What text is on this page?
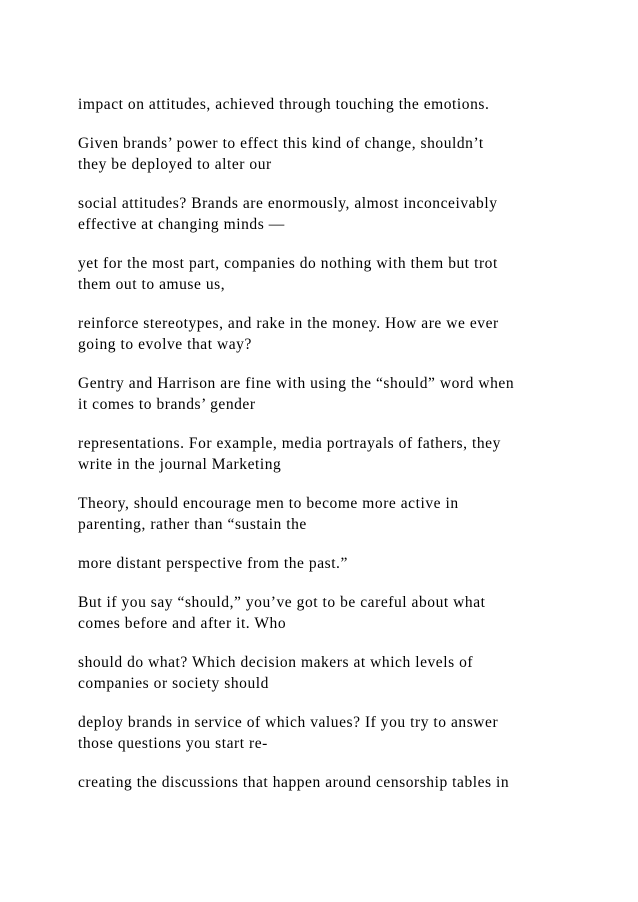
impact on attitudes, achieved through touching the emotions.

Given brands’ power to effect this kind of change, shouldn’t
they be deployed to alter our

social attitudes? Brands are enormously, almost inconceivably
effective at changing minds —

yet for the most part, companies do nothing with them but trot
them out to amuse us,

reinforce stereotypes, and rake in the money. How are we ever
going to evolve that way?

Gentry and Harrison are fine with using the “should” word when
it comes to brands’ gender

representations. For example, media portrayals of fathers, they
write in the journal Marketing

Theory, should encourage men to become more active in
parenting, rather than “sustain the

more distant perspective from the past.”

But if you say “should,” you’ve got to be careful about what
comes before and after it. Who

should do what? Which decision makers at which levels of
companies or society should

deploy brands in service of which values? If you try to answer
those questions you start re-

creating the discussions that happen around censorship tables in
